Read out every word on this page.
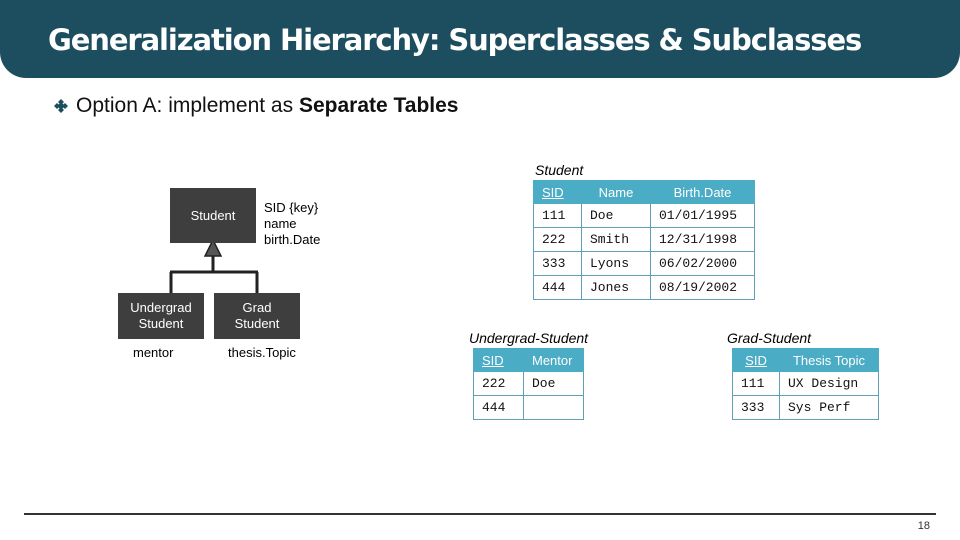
Generalization Hierarchy: Superclasses & Subclasses
Option A: implement as Separate Tables
Student SID {key}
name
birth.Date
Undergrad
Student
mentor
Grad
Student
thesis.Topic
Student
SID	Name	Birth.Date
111	Doe	01/01/1995
222	Smith	12/31/1998
333	Lyons	06/02/2000
444	Jones	08/19/2002
Undergrad-Student
SID	Mentor
222	Doe
444	
Grad-Student
SID	Thesis Topic
111	UX Design
333	Sys Perf
18
